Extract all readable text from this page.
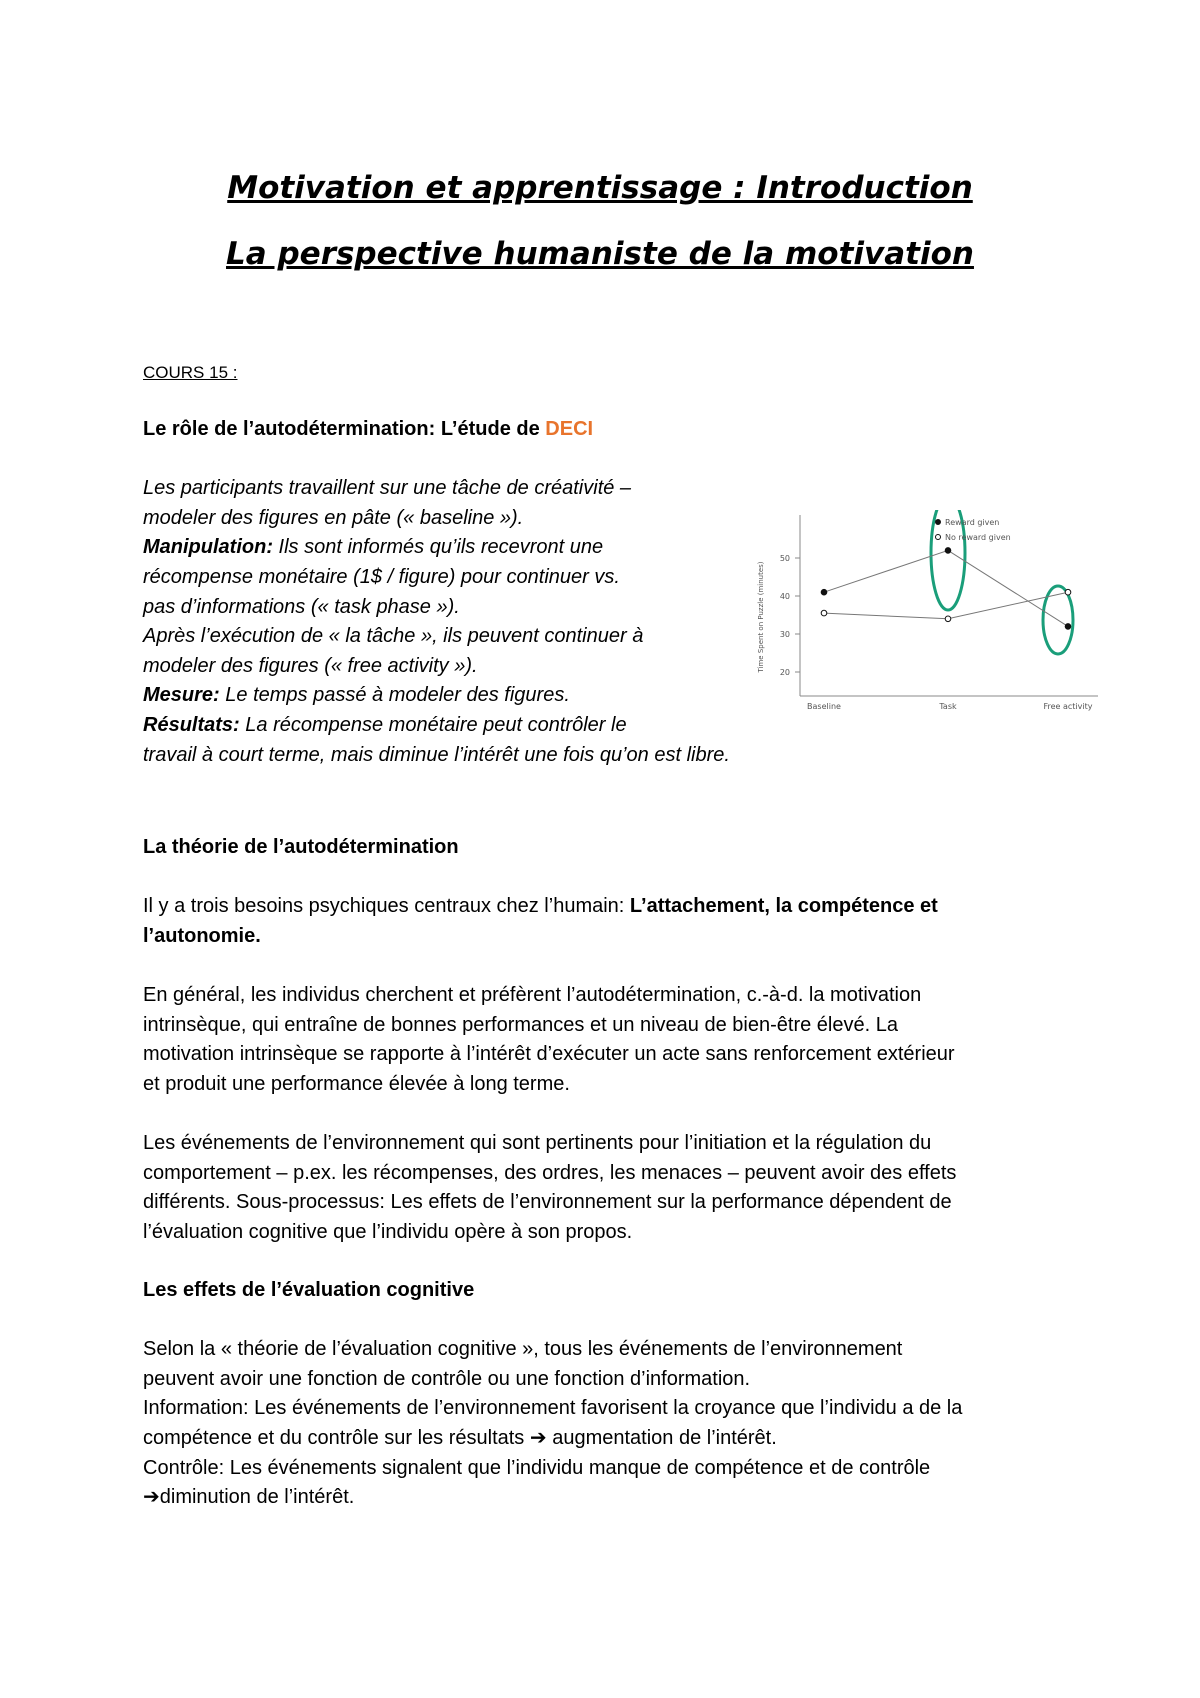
Motivation et apprentissage : Introduction
La perspective humaniste de la motivation

COURS 15 :

Le rôle de l’autodétermination: L’étude de DECI

Les participants travaillent sur une tâche de créativité –
modeler des figures en pâte (« baseline »).
Manipulation: Ils sont informés qu’ils recevront une
récompense monétaire (1$ / figure) pour continuer vs.
pas d’informations (« task phase »).
Après l’exécution de « la tâche », ils peuvent continuer à
modeler des figures (« free activity »).
Mesure: Le temps passé à modeler des figures.
Résultats: La récompense monétaire peut contrôler le
travail à court terme, mais diminue l’intérêt une fois qu’on est libre.
Time Spent on Puzzle (minutes) 20
30
40
50
Baseline	Task	Free activity
Reward given
No reward given
La théorie de l’autodétermination

Il y a trois besoins psychiques centraux chez l’humain: L’attachement, la compétence et
l’autonomie.

En général, les individus cherchent et préfèrent l’autodétermination, c.-à-d. la motivation
intrinsèque, qui entraîne de bonnes performances et un niveau de bien-être élevé. La
motivation intrinsèque se rapporte à l’intérêt d’exécuter un acte sans renforcement extérieur
et produit une performance élevée à long terme.

Les événements de l’environnement qui sont pertinents pour l’initiation et la régulation du
comportement – p.ex. les récompenses, des ordres, les menaces – peuvent avoir des effets
différents. Sous-processus: Les effets de l’environnement sur la performance dépendent de
l’évaluation cognitive que l’individu opère à son propos.
Les effets de l’évaluation cognitive

Selon la « théorie de l’évaluation cognitive », tous les événements de l’environnement
peuvent avoir une fonction de contrôle ou une fonction d’information.
Information: Les événements de l’environnement favorisent la croyance que l’individu a de la
compétence et du contrôle sur les résultats ➔ augmentation de l’intérêt.
Contrôle: Les événements signalent que l’individu manque de compétence et de contrôle
➔diminution de l’intérêt.
